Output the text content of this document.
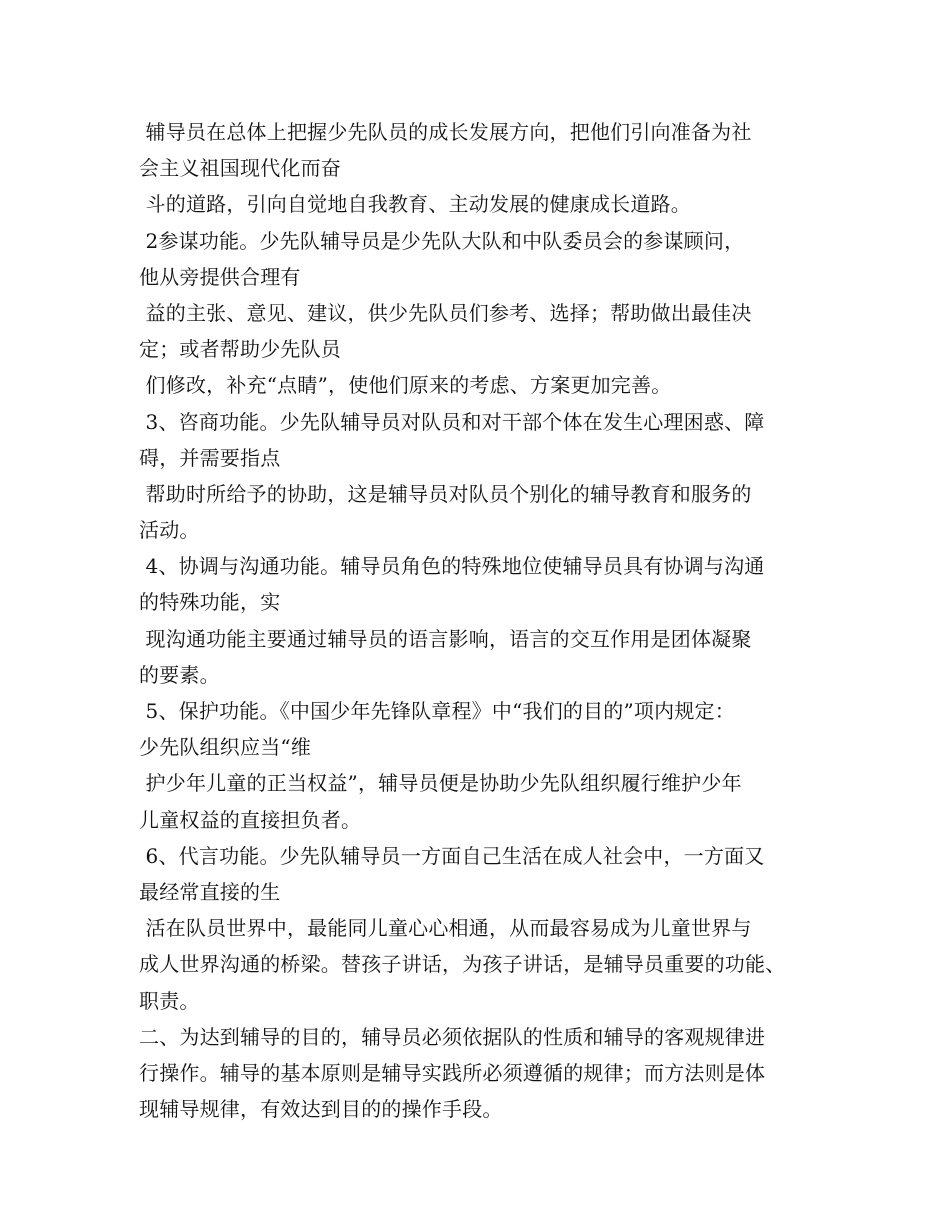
辅导员在总体上把握少先队员的成长发展方向，把他们引向准备为社
会主义祖国现代化而奋
斗的道路，引向自觉地自我教育、主动发展的健康成长道路。
2参谋功能。少先队辅导员是少先队大队和中队委员会的参谋顾问，
他从旁提供合理有
益的主张、意见、建议，供少先队员们参考、选择；帮助做出最佳决
定；或者帮助少先队员
们修改，补充“点睛”，使他们原来的考虑、方案更加完善。
3、咨商功能。少先队辅导员对队员和对干部个体在发生心理困惑、障
碍，并需要指点
帮助时所给予的协助，这是辅导员对队员个别化的辅导教育和服务的
活动。
4、协调与沟通功能。辅导员角色的特殊地位使辅导员具有协调与沟通
的特殊功能，实
现沟通功能主要通过辅导员的语言影响，语言的交互作用是团体凝聚
的要素。
5、保护功能。《中国少年先锋队章程》中“我们的目的”项内规定：
少先队组织应当“维
护少年儿童的正当权益”，辅导员便是协助少先队组织履行维护少年
儿童权益的直接担负者。
6、代言功能。少先队辅导员一方面自己生活在成人社会中，一方面又
最经常直接的生
活在队员世界中，最能同儿童心心相通，从而最容易成为儿童世界与
成人世界沟通的桥梁。替孩子讲话，为孩子讲话，是辅导员重要的功能、
职责。
二、为达到辅导的目的，辅导员必须依据队的性质和辅导的客观规律进
行操作。辅导的基本原则是辅导实践所必须遵循的规律；而方法则是体
现辅导规律，有效达到目的的操作手段。
